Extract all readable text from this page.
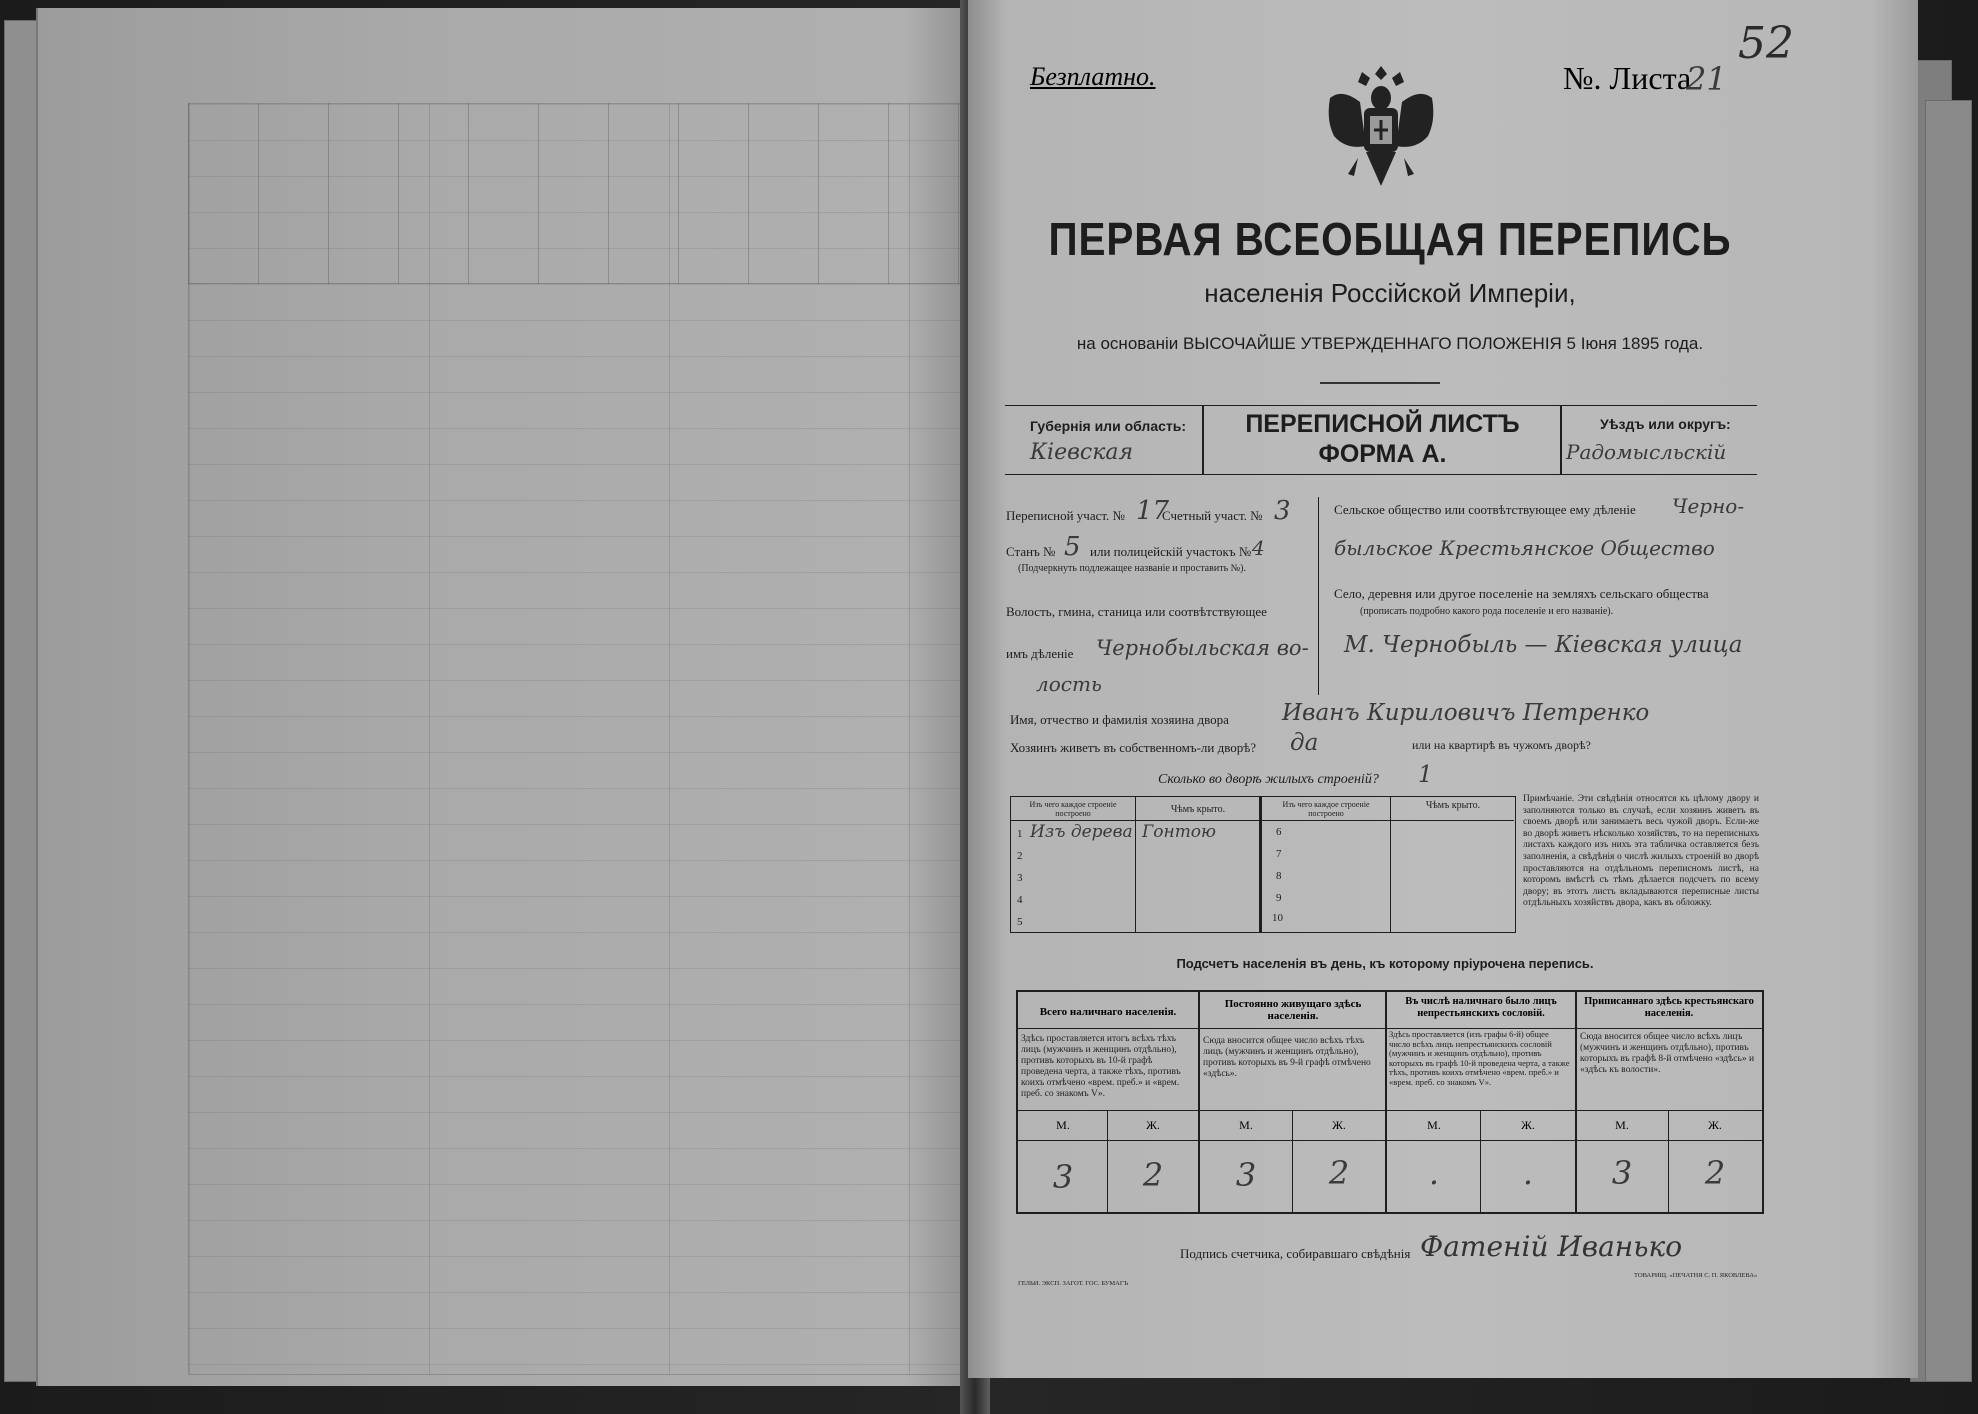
Безплатно.	№. Листа
21
52
ПЕРВАЯ ВСЕОБЩАЯ ПЕРЕПИСЬ
населенія Россійской Имперіи,
на основаніи ВЫСОЧАЙШЕ УТВЕРЖДЕННАГО ПОЛОЖЕНІЯ 5 Іюня 1895 года.
Губернія или область:
Кіевская
ПЕРЕПИСНОЙ ЛИСТЪ
ФОРМА А.
Уѣздъ или округъ:
Радомысльскій
Переписной участ. № 17
Счетный участ. № 3
Станъ № 5 или полицейскій участокъ № 4
(Подчеркнуть подлежащее названіе и проставить №).
Волость, гмина, станица или соотвѣтствующее
имъ дѣленіе Чернобыльская во-
лость
Сельское общество или соотвѣтствующее ему дѣленіе Черно-
быльское Крестьянское Общество
Село, деревня или другое поселеніе на земляхъ сельскаго общества
(прописать подробно какого рода поселеніе и его названіе).
М. Чернобыль — Кіевская улица
Имя, отчество и фамилія хозяина двора Иванъ Кириловичъ Петренко
Хозяинъ живетъ въ собственномъ-ли дворѣ? да	или на квартирѣ въ чужомъ дворѣ?
Сколько во дворѣ жилыхъ строеній? 1
Изъ чего каждое строеніе построено	Чѣмъ крыто.	Изъ чего каждое строеніе построено
Чѣмъ крыто.
1 Изъ дерева Гонтою
2
3
4
5
6
7
8
9
10
Примѣчаніе. Эти свѣдѣнія относятся къ цѣлому двору и заполняются только въ случаѣ, если хозяинъ живетъ въ своемъ дворѣ или занимаетъ весь чужой дворъ. Если-же во дворѣ живетъ нѣсколько хозяйствъ, то на переписныхъ листахъ каждого изъ нихъ эта табличка оставляется безъ заполненія, а свѣдѣнія о числѣ жилыхъ строеній во дворѣ проставляются на отдѣльномъ переписномъ листѣ, на которомъ вмѣстѣ съ тѣмъ дѣлается подсчетъ по всему двору; въ этотъ листъ вкладываются переписные листы отдѣльныхъ хозяйствъ двора, какъ въ обложку.
Подсчетъ населенія въ день, къ которому пріурочена перепись.
Всего наличнаго населенія.
Постоянно живущаго здѣсь населенія.
Въ числѣ наличнаго было лицъ непрестьянскихъ сословій.
Приписаннаго здѣсь крестьянскаго населенія.
Здѣсь проставляется итогъ всѣхъ тѣхъ лицъ (мужчинъ и женщинъ отдѣльно), противъ которыхъ въ 10-й графѣ проведена черта, а также тѣхъ, противъ коихъ отмѣчено «врем. преб.» и «врем. преб. со знакомъ V».
Сюда вносится общее число всѣхъ тѣхъ лицъ (мужчинъ и женщинъ отдѣльно), противъ которыхъ въ 9-й графѣ отмѣчено «здѣсь».
Здѣсь проставляется (изъ графы 6-й) общее число всѣхъ лицъ непрестьянскихъ сословій (мужчинъ и женщинъ отдѣльно), противъ которыхъ въ графѣ 10-й проведена черта, а также тѣхъ, противъ коихъ отмѣчено «врем. преб.» и «врем. преб. со знакомъ V».
Сюда вносится общее число всѣхъ лицъ (мужчинъ и женщинъ отдѣльно), противъ которыхъ въ графѣ 8-й отмѣчено «здѣсь» и «здѣсь къ волости».
М.	Ж.	М.	Ж.	М.	Ж.	М.	Ж.
3	2	3	2	.	.	3	2
Подпись счетчика, собиравшаго свѣдѣнія Фатеній Иванько
ГЕЛЬИ. ЭКСП. ЗАГОТ. ГОС. БУМАГЪ
ТОВАРИЩ. «ПЕЧАТНЯ С. П. ЯКОВЛЕВА»
